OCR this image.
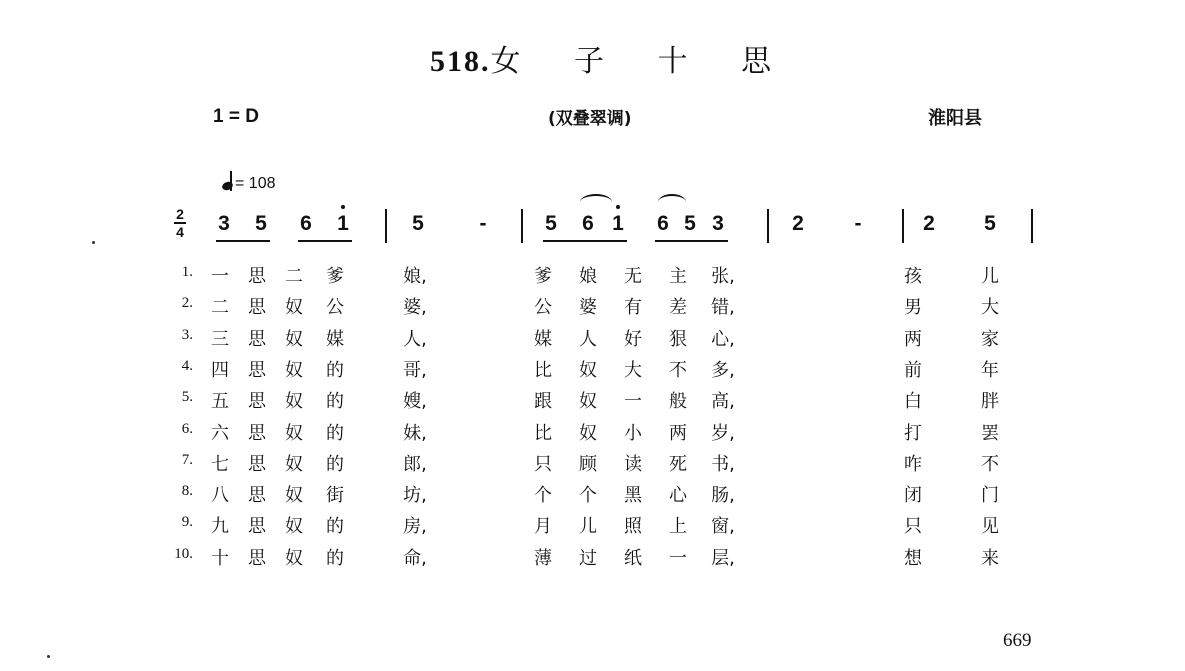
518.女 子 十 思
1 = D	(双叠翠调)	淮阳县
= 108
2
4 3 5 6 1	5	-	5 6 1 6 5 3	2	-	2 5
1. 一 思 二 爹	娘,	爹 娘 无 主 张,	孩	儿
2. 二 思 奴 公	婆,	公 婆 有 差 错,	男	大
3. 三 思 奴 媒	人,	媒 人 好 狠 心,	两	家
4. 四 思 奴 的	哥,	比 奴 大 不 多,	前	年
5. 五 思 奴 的	嫂,	跟 奴 一 般 高,	白	胖
6. 六 思 奴 的	妹,	比 奴 小 两 岁,	打	罢
7. 七 思 奴 的	郎,	只 顾 读 死 书,	咋	不
8. 八 思 奴 街	坊,	个 个 黑 心 肠,	闭	门
9. 九 思 奴 的	房,	月 儿 照 上 窗,	只	见
10. 十 思 奴 的	命,	薄 过 纸 一 层,	想	来
669
